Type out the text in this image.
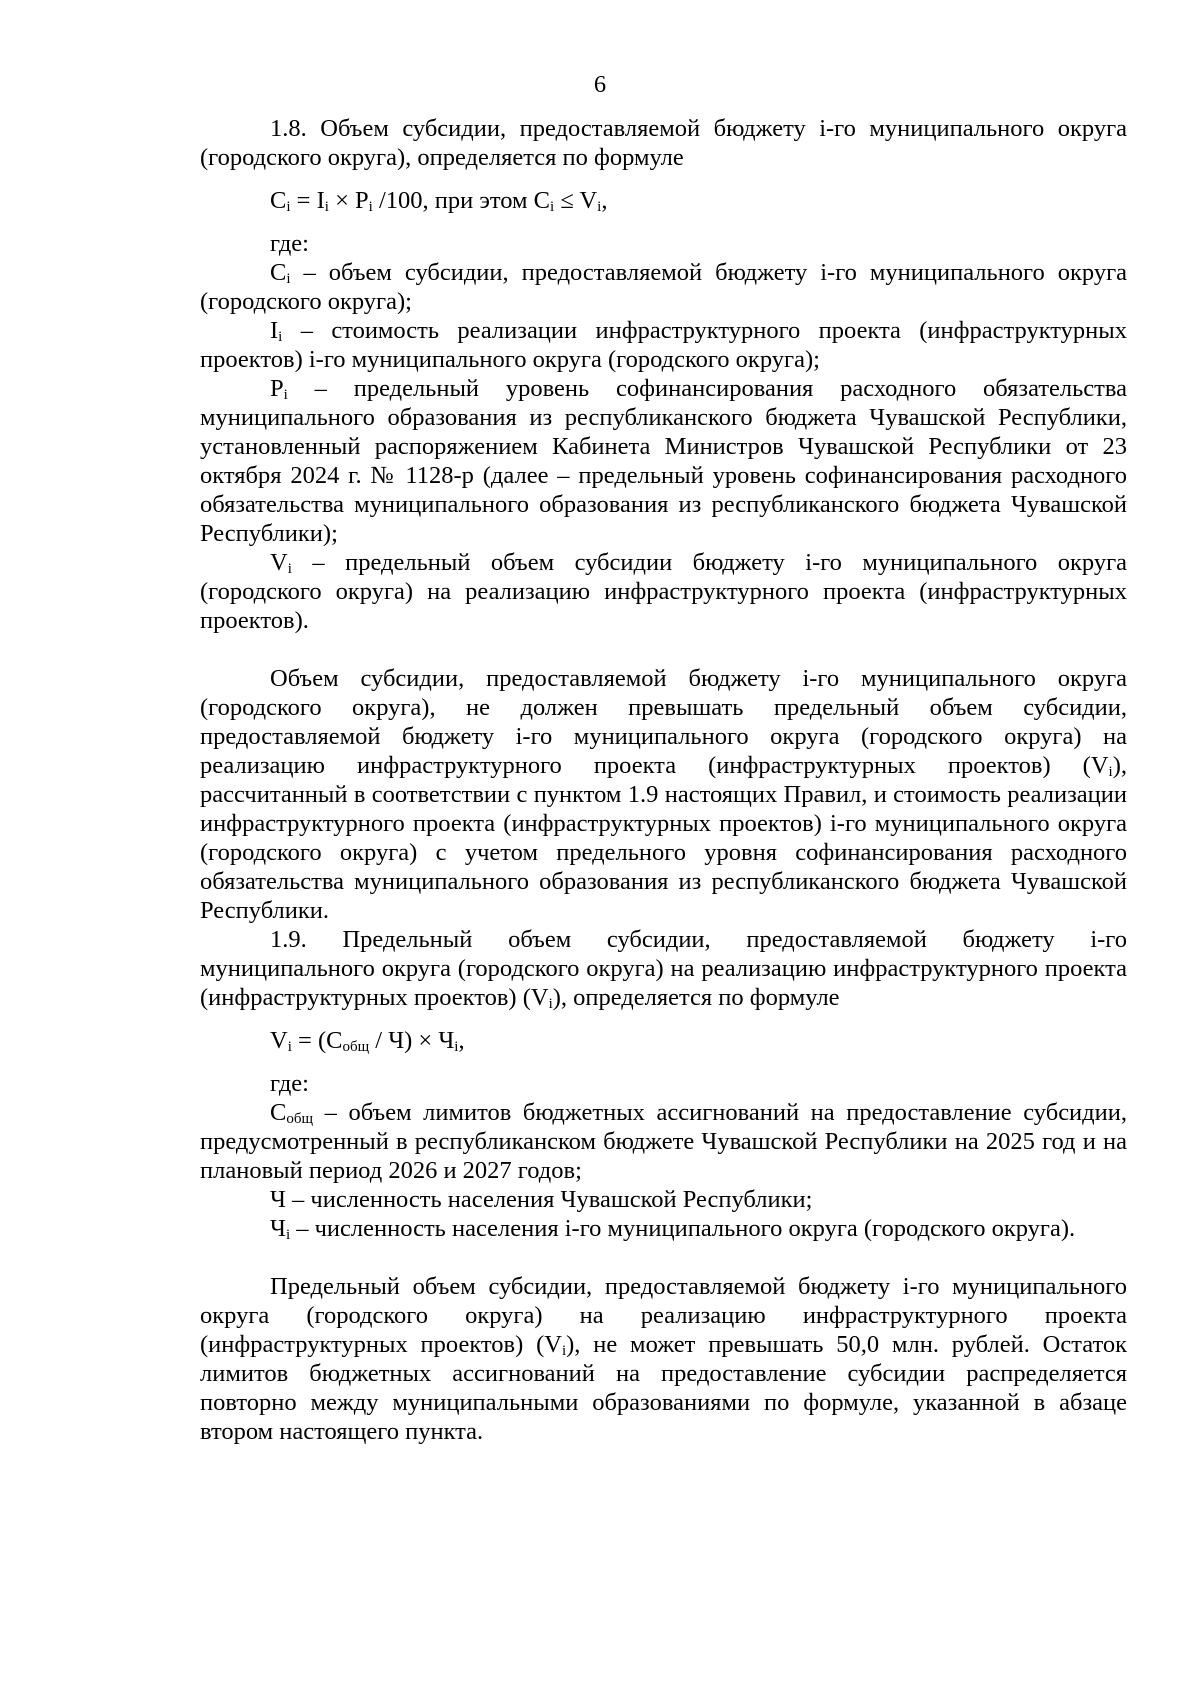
6

1.8. Объем субсидии, предоставляемой бюджету i-го муниципального округа (городского округа), определяется по формуле

$C_i = I_i \times P_i$ /100, при этом $C_i \le V_i$,

где:

$C_i$ – объем субсидии, предоставляемой бюджету i-го муниципального округа (городского округа);

$I_i$ – стоимость реализации инфраструктурного проекта (инфраструктурных проектов) i-го муниципального округа (городского округа);

$P_i$ – предельный уровень софинансирования расходного обязательства муниципального образования из республиканского бюджета Чувашской Республики, установленный распоряжением Кабинета Министров Чувашской Республики от 23 октября 2024 г. № 1128-р (далее – предельный уровень софинансирования расходного обязательства муниципального образования из республиканского бюджета Чувашской Республики);

$V_i$ – предельный объем субсидии бюджету i-го муниципального округа (городского округа) на реализацию инфраструктурного проекта (инфраструктурных проектов).

Объем субсидии, предоставляемой бюджету i-го муниципального округа (городского округа), не должен превышать предельный объем субсидии, предоставляемой бюджету i-го муниципального округа (городского округа) на реализацию инфраструктурного проекта (инфраструктурных проектов) $(V_i)$, рассчитанный в соответствии с пунктом 1.9 настоящих Правил, и стоимость реализации инфраструктурного проекта (инфраструктурных проектов) i-го муниципального округа (городского округа) с учетом предельного уровня софинансирования расходного обязательства муниципального образования из республиканского бюджета Чувашской Республики.

1.9. Предельный объем субсидии, предоставляемой бюджету i-го муниципального округа (городского округа) на реализацию инфраструктурного проекта (инфраструктурных проектов) $(V_i)$, определяется по формуле

$V_i = (C_{общ} / Ч) \times Ч_i$,

где:

$C_{общ}$ – объем лимитов бюджетных ассигнований на предоставление субсидии, предусмотренный в республиканском бюджете Чувашской Республики на 2025 год и на плановый период 2026 и 2027 годов;

Ч – численность населения Чувашской Республики;

$Ч_i$ – численность населения i-го муниципального округа (городского округа).

Предельный объем субсидии, предоставляемой бюджету i-го муниципального округа (городского округа) на реализацию инфраструктурного проекта (инфраструктурных проектов) $(V_i)$, не может превышать 50,0 млн. рублей. Остаток лимитов бюджетных ассигнований на предоставление субсидии распределяется повторно между муниципальными образованиями по формуле, указанной в абзаце втором настоящего пункта.
